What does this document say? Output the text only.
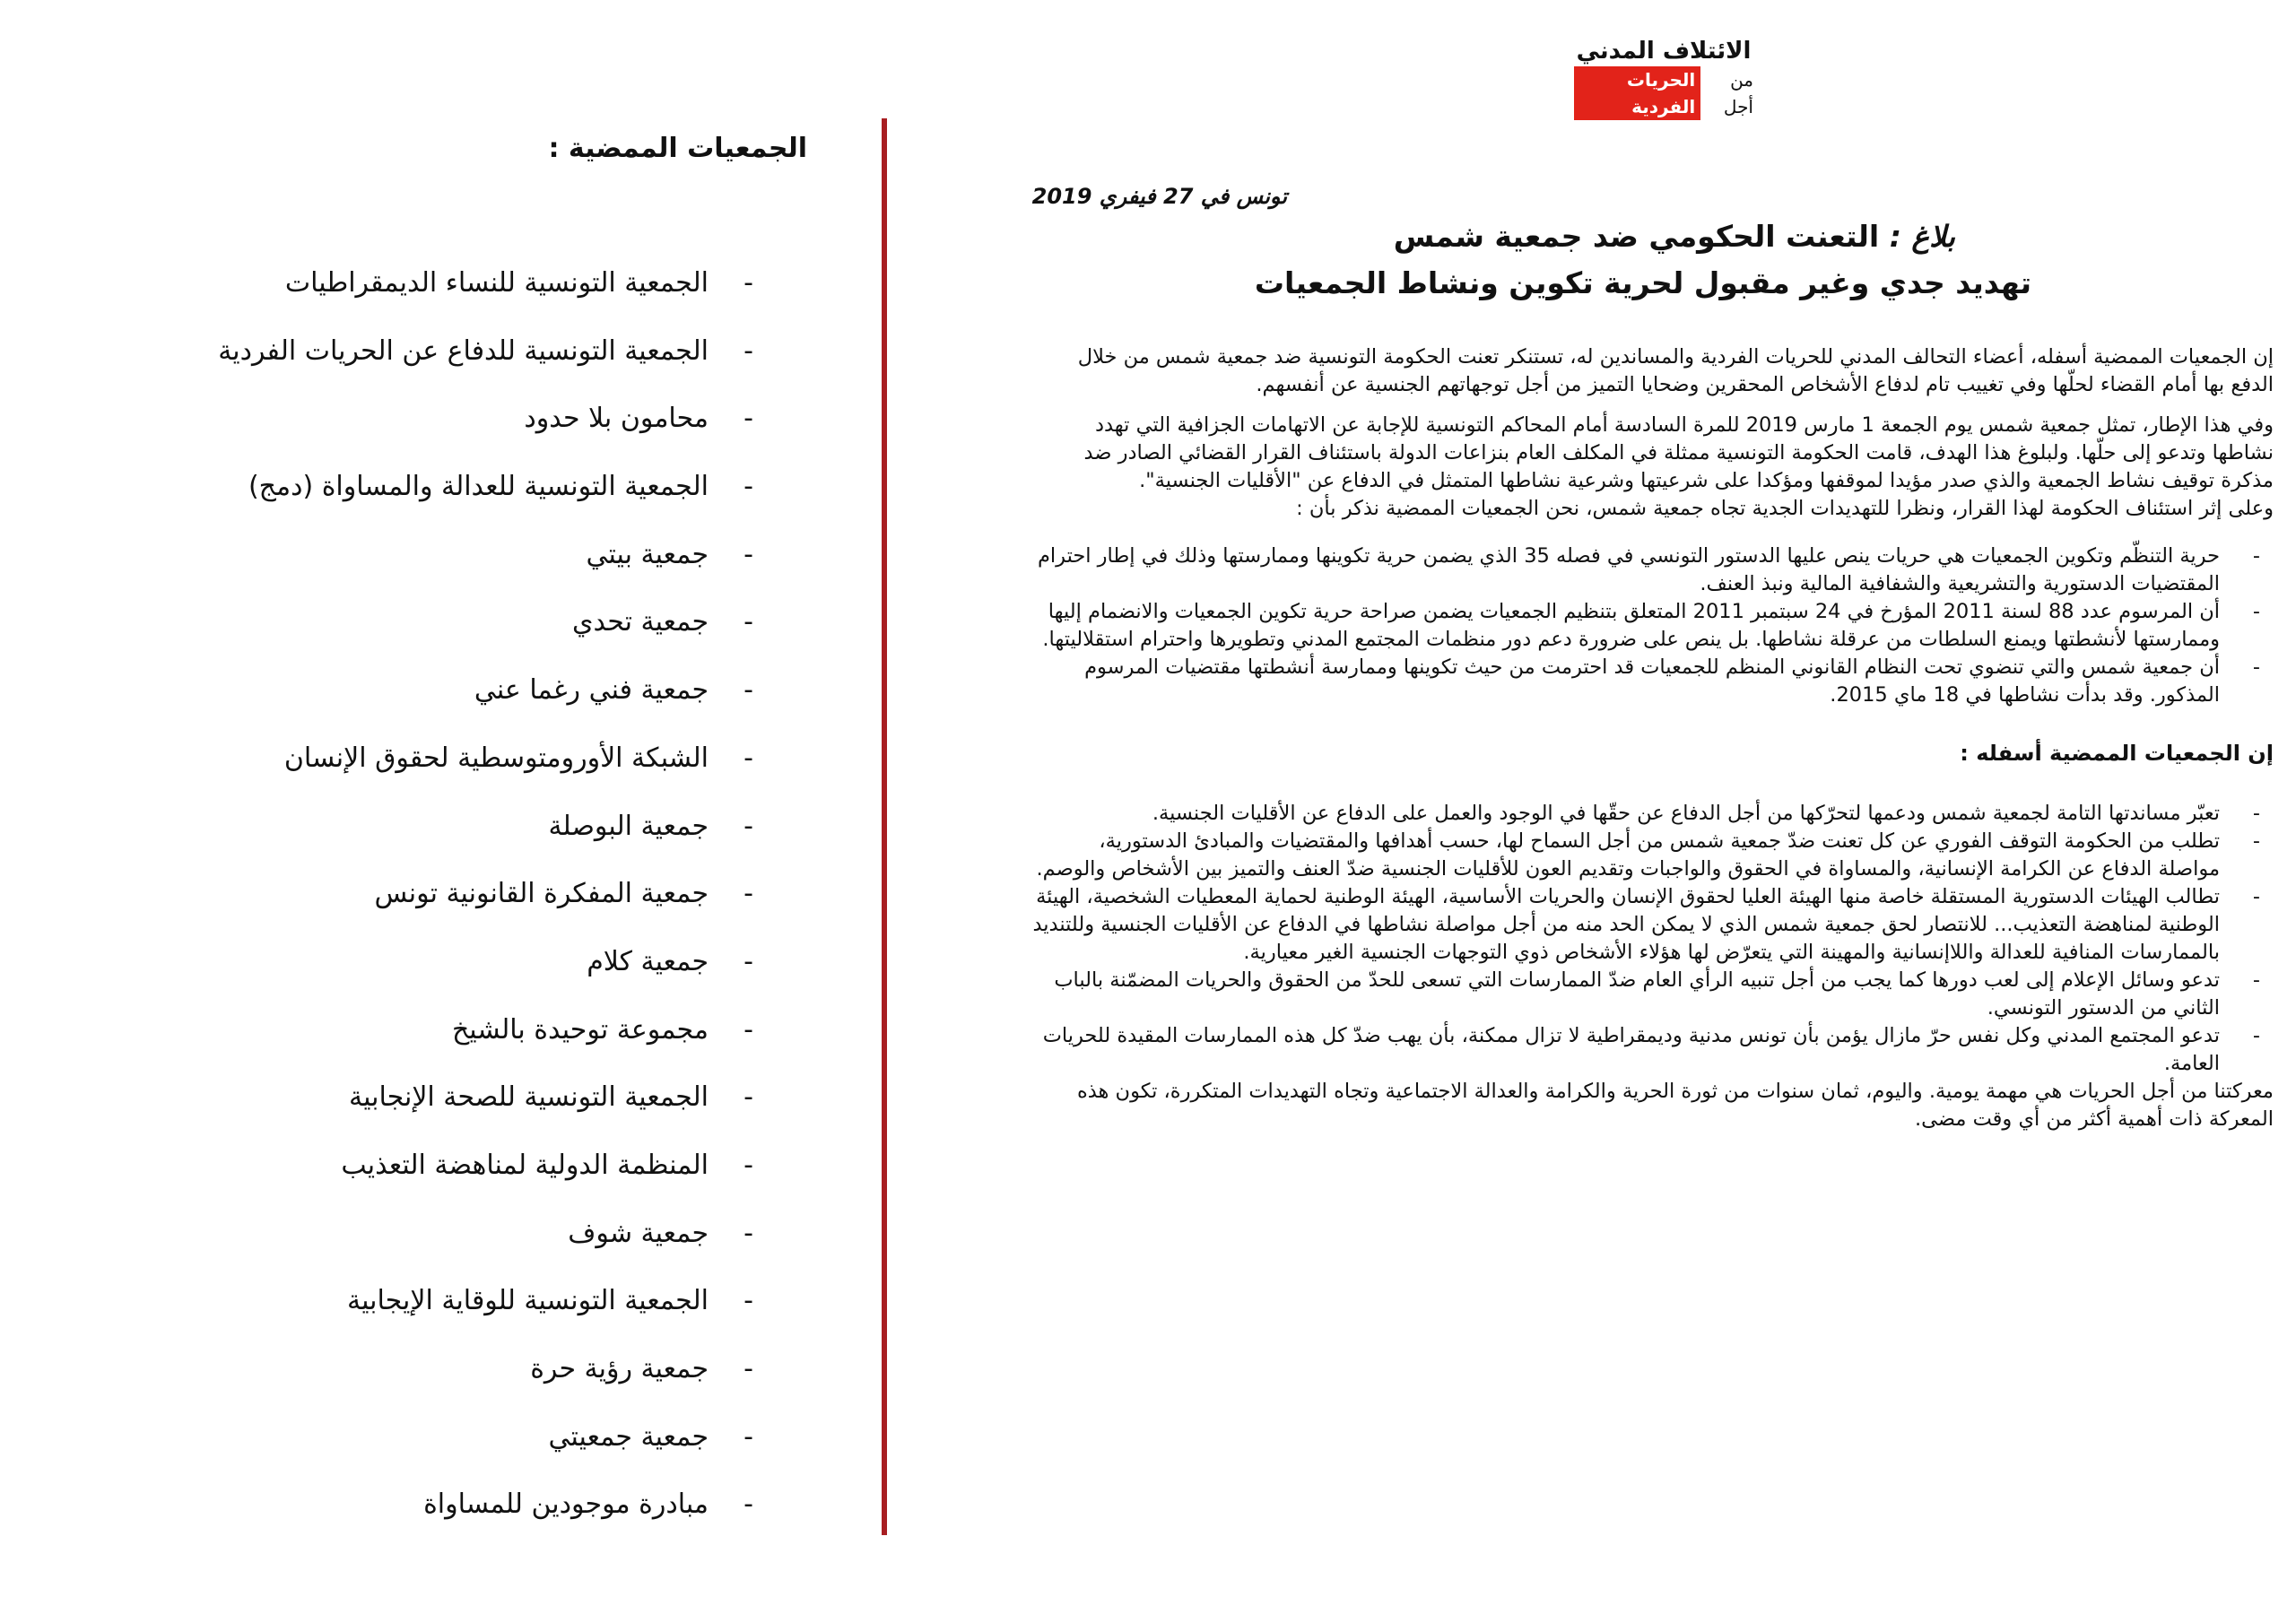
الائتلاف المدني
من أجل
الحريات الفردية
تونس في 27 فيفري 2019
بلاغ : التعنت الحكومي ضد جمعية شمس
تهديد جدي وغير مقبول لحرية تكوين ونشاط الجمعيات

إن الجمعيات الممضية أسفله، أعضاء التحالف المدني للحريات الفردية والمساندين له، تستنكر تعنت الحكومة التونسية ضد جمعية شمس من خلال الدفع بها أمام القضاء لحلّها وفي تغييب تام لدفاع الأشخاص المحقرين وضحايا التميز من أجل توجهاتهم الجنسية عن أنفسهم.

وفي هذا الإطار، تمثل جمعية شمس يوم الجمعة 1 مارس 2019 للمرة السادسة أمام المحاكم التونسية للإجابة عن الاتهامات الجزافية التي تهدد نشاطها وتدعو إلى حلّها. ولبلوغ هذا الهدف، قامت الحكومة التونسية ممثلة في المكلف العام بنزاعات الدولة باستئناف القرار القضائي الصادر ضد مذكرة توقيف نشاط الجمعية والذي صدر مؤيدا لموقفها ومؤكدا على شرعيتها وشرعية نشاطها المتمثل في الدفاع عن "الأقليات الجنسية".

وعلى إثر استئناف الحكومة لهذا القرار، ونظرا للتهديدات الجدية تجاه جمعية شمس، نحن الجمعيات الممضية نذكر بأن :

- حرية التنظّم وتكوين الجمعيات هي حريات ينص عليها الدستور التونسي في فصله 35 الذي يضمن حرية تكوينها وممارستها وذلك في إطار احترام المقتضيات الدستورية والتشريعية والشفافية المالية ونبذ العنف.
- أن المرسوم عدد 88 لسنة 2011 المؤرخ في 24 سبتمبر 2011 المتعلق بتنظيم الجمعيات يضمن صراحة حرية تكوين الجمعيات والانضمام إليها وممارستها لأنشطتها ويمنع السلطات من عرقلة نشاطها. بل ينص على ضرورة دعم دور منظمات المجتمع المدني وتطويرها واحترام استقلاليتها.
- أن جمعية شمس والتي تنضوي تحت النظام القانوني المنظم للجمعيات قد احترمت من حيث تكوينها وممارسة أنشطتها مقتضيات المرسوم المذكور. وقد بدأت نشاطها في 18 ماي 2015.

إن الجمعيات الممضية أسفله :

- تعبّر مساندتها التامة لجمعية شمس ودعمها لتحرّكها من أجل الدفاع عن حقّها في الوجود والعمل على الدفاع عن الأقليات الجنسية.
- تطلب من الحكومة التوقف الفوري عن كل تعنت ضدّ جمعية شمس من أجل السماح لها، حسب أهدافها والمقتضيات والمبادئ الدستورية، مواصلة الدفاع عن الكرامة الإنسانية، والمساواة في الحقوق والواجبات وتقديم العون للأقليات الجنسية ضدّ العنف والتميز بين الأشخاص والوصم.
- تطالب الهيئات الدستورية المستقلة خاصة منها الهيئة العليا لحقوق الإنسان والحريات الأساسية، الهيئة الوطنية لحماية المعطيات الشخصية، الهيئة الوطنية لمناهضة التعذيب... للانتصار لحق جمعية شمس الذي لا يمكن الحد منه من أجل مواصلة نشاطها في الدفاع عن الأقليات الجنسية وللتنديد بالممارسات المنافية للعدالة واللاإنسانية والمهينة التي يتعرّض لها هؤلاء الأشخاص ذوي التوجهات الجنسية الغير معيارية.
- تدعو وسائل الإعلام إلى لعب دورها كما يجب من أجل تنبيه الرأي العام ضدّ الممارسات التي تسعى للحدّ من الحقوق والحريات المضمّنة بالباب الثاني من الدستور التونسي.
- تدعو المجتمع المدني وكل نفس حرّ مازال يؤمن بأن تونس مدنية وديمقراطية لا تزال ممكنة، بأن يهب ضدّ كل هذه الممارسات المقيدة للحريات العامة.

معركتنا من أجل الحريات هي مهمة يومية. واليوم، ثمان سنوات من ثورة الحرية والكرامة والعدالة الاجتماعية وتجاه التهديدات المتكررة، تكون هذه المعركة ذات أهمية أكثر من أي وقت مضى.

الجمعيات الممضية :
- الجمعية التونسية للنساء الديمقراطيات
- الجمعية التونسية للدفاع عن الحريات الفردية
- محامون بلا حدود
- الجمعية التونسية للعدالة والمساواة (دمج)
- جمعية بيتي
- جمعية تحدي
- جمعية فني رغما عني
- الشبكة الأورومتوسطية لحقوق الإنسان
- جمعية البوصلة
- جمعية المفكرة القانونية تونس
- جمعية كلام
- مجموعة توحيدة بالشيخ
- الجمعية التونسية للصحة الإنجابية
- المنظمة الدولية لمناهضة التعذيب
- جمعية شوف
- الجمعية التونسية للوقاية الإيجابية
- جمعية رؤية حرة
- جمعية جمعيتي
- مبادرة موجودين للمساواة
